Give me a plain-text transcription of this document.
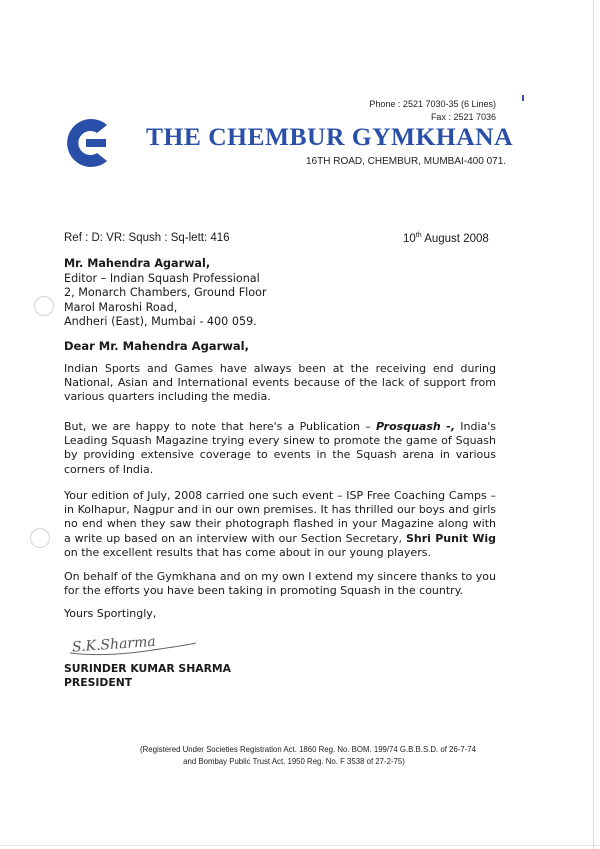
Phone : 2521 7030-35 (6 Lines)
Fax : 2521 7036
THE CHEMBUR GYMKHANA
16TH ROAD, CHEMBUR, MUMBAI-400 071.
Ref : D: VR: Sqush : Sq-lett: 416	10th August 2008
Mr. Mahendra Agarwal,
Editor – Indian Squash Professional
2, Monarch Chambers, Ground Floor
Marol Maroshi Road,
Andheri (East), Mumbai - 400 059.
Dear Mr. Mahendra Agarwal,

Indian Sports and Games have always been at the receiving end during National, Asian and International events because of the lack of support from various quarters including the media.

But, we are happy to note that here's a Publication – Prosquash -, India's Leading Squash Magazine trying every sinew to promote the game of Squash by providing extensive coverage to events in the Squash arena in various corners of India.

Your edition of July, 2008 carried one such event – ISP Free Coaching Camps – in Kolhapur, Nagpur and in our own premises. It has thrilled our boys and girls no end when they saw their photograph flashed in your Magazine along with a write up based on an interview with our Section Secretary, Shri Punit Wig on the excellent results that has come about in our young players.

On behalf of the Gymkhana and on my own I extend my sincere thanks to you for the efforts you have been taking in promoting Squash in the country.

Yours Sportingly,
S.K.Sharma
SURINDER KUMAR SHARMA
PRESIDENT
(Registered Under Societies Registration Act. 1860 Reg. No. BOM. 199/74 G.B.B.S.D. of 26-7-74
and Bombay Public Trust Act. 1950 Reg. No. F 3538 of 27-2-75)
